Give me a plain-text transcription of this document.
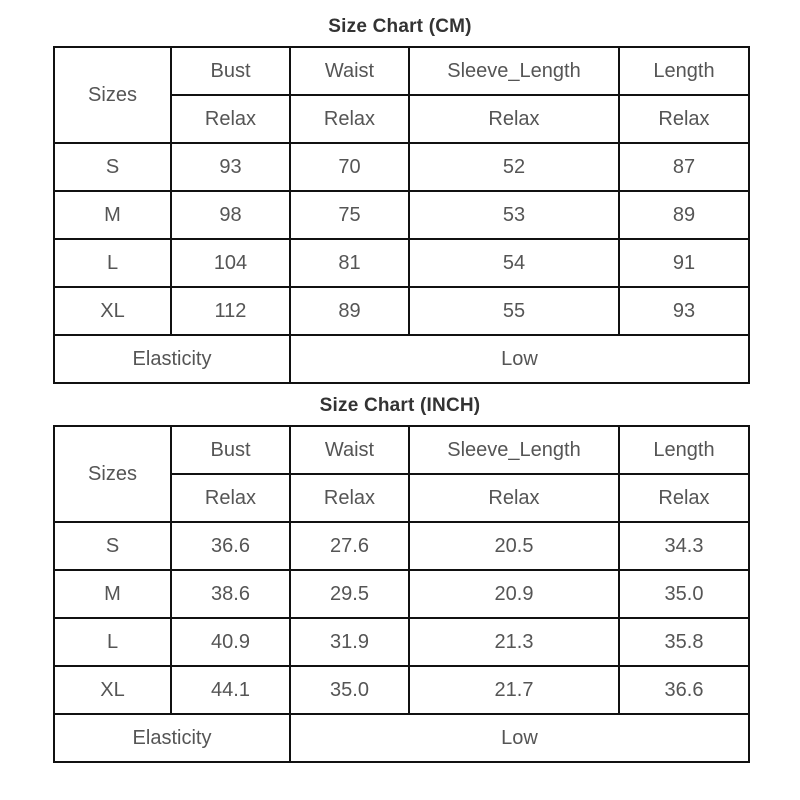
Size Chart (CM)
Sizes	Bust	Waist	Sleeve_Length	Length
	Relax	Relax	Relax	Relax
S	93	70	52	87
M	98	75	53	89
L	104	81	54	91
XL	112	89	55	93
Elasticity		Low		
Size Chart (INCH)
Sizes	Bust	Waist	Sleeve_Length	Length
	Relax	Relax	Relax	Relax
S	36.6	27.6	20.5	34.3
M	38.6	29.5	20.9	35.0
L	40.9	31.9	21.3	35.8
XL	44.1	35.0	21.7	36.6
Elasticity		Low		
